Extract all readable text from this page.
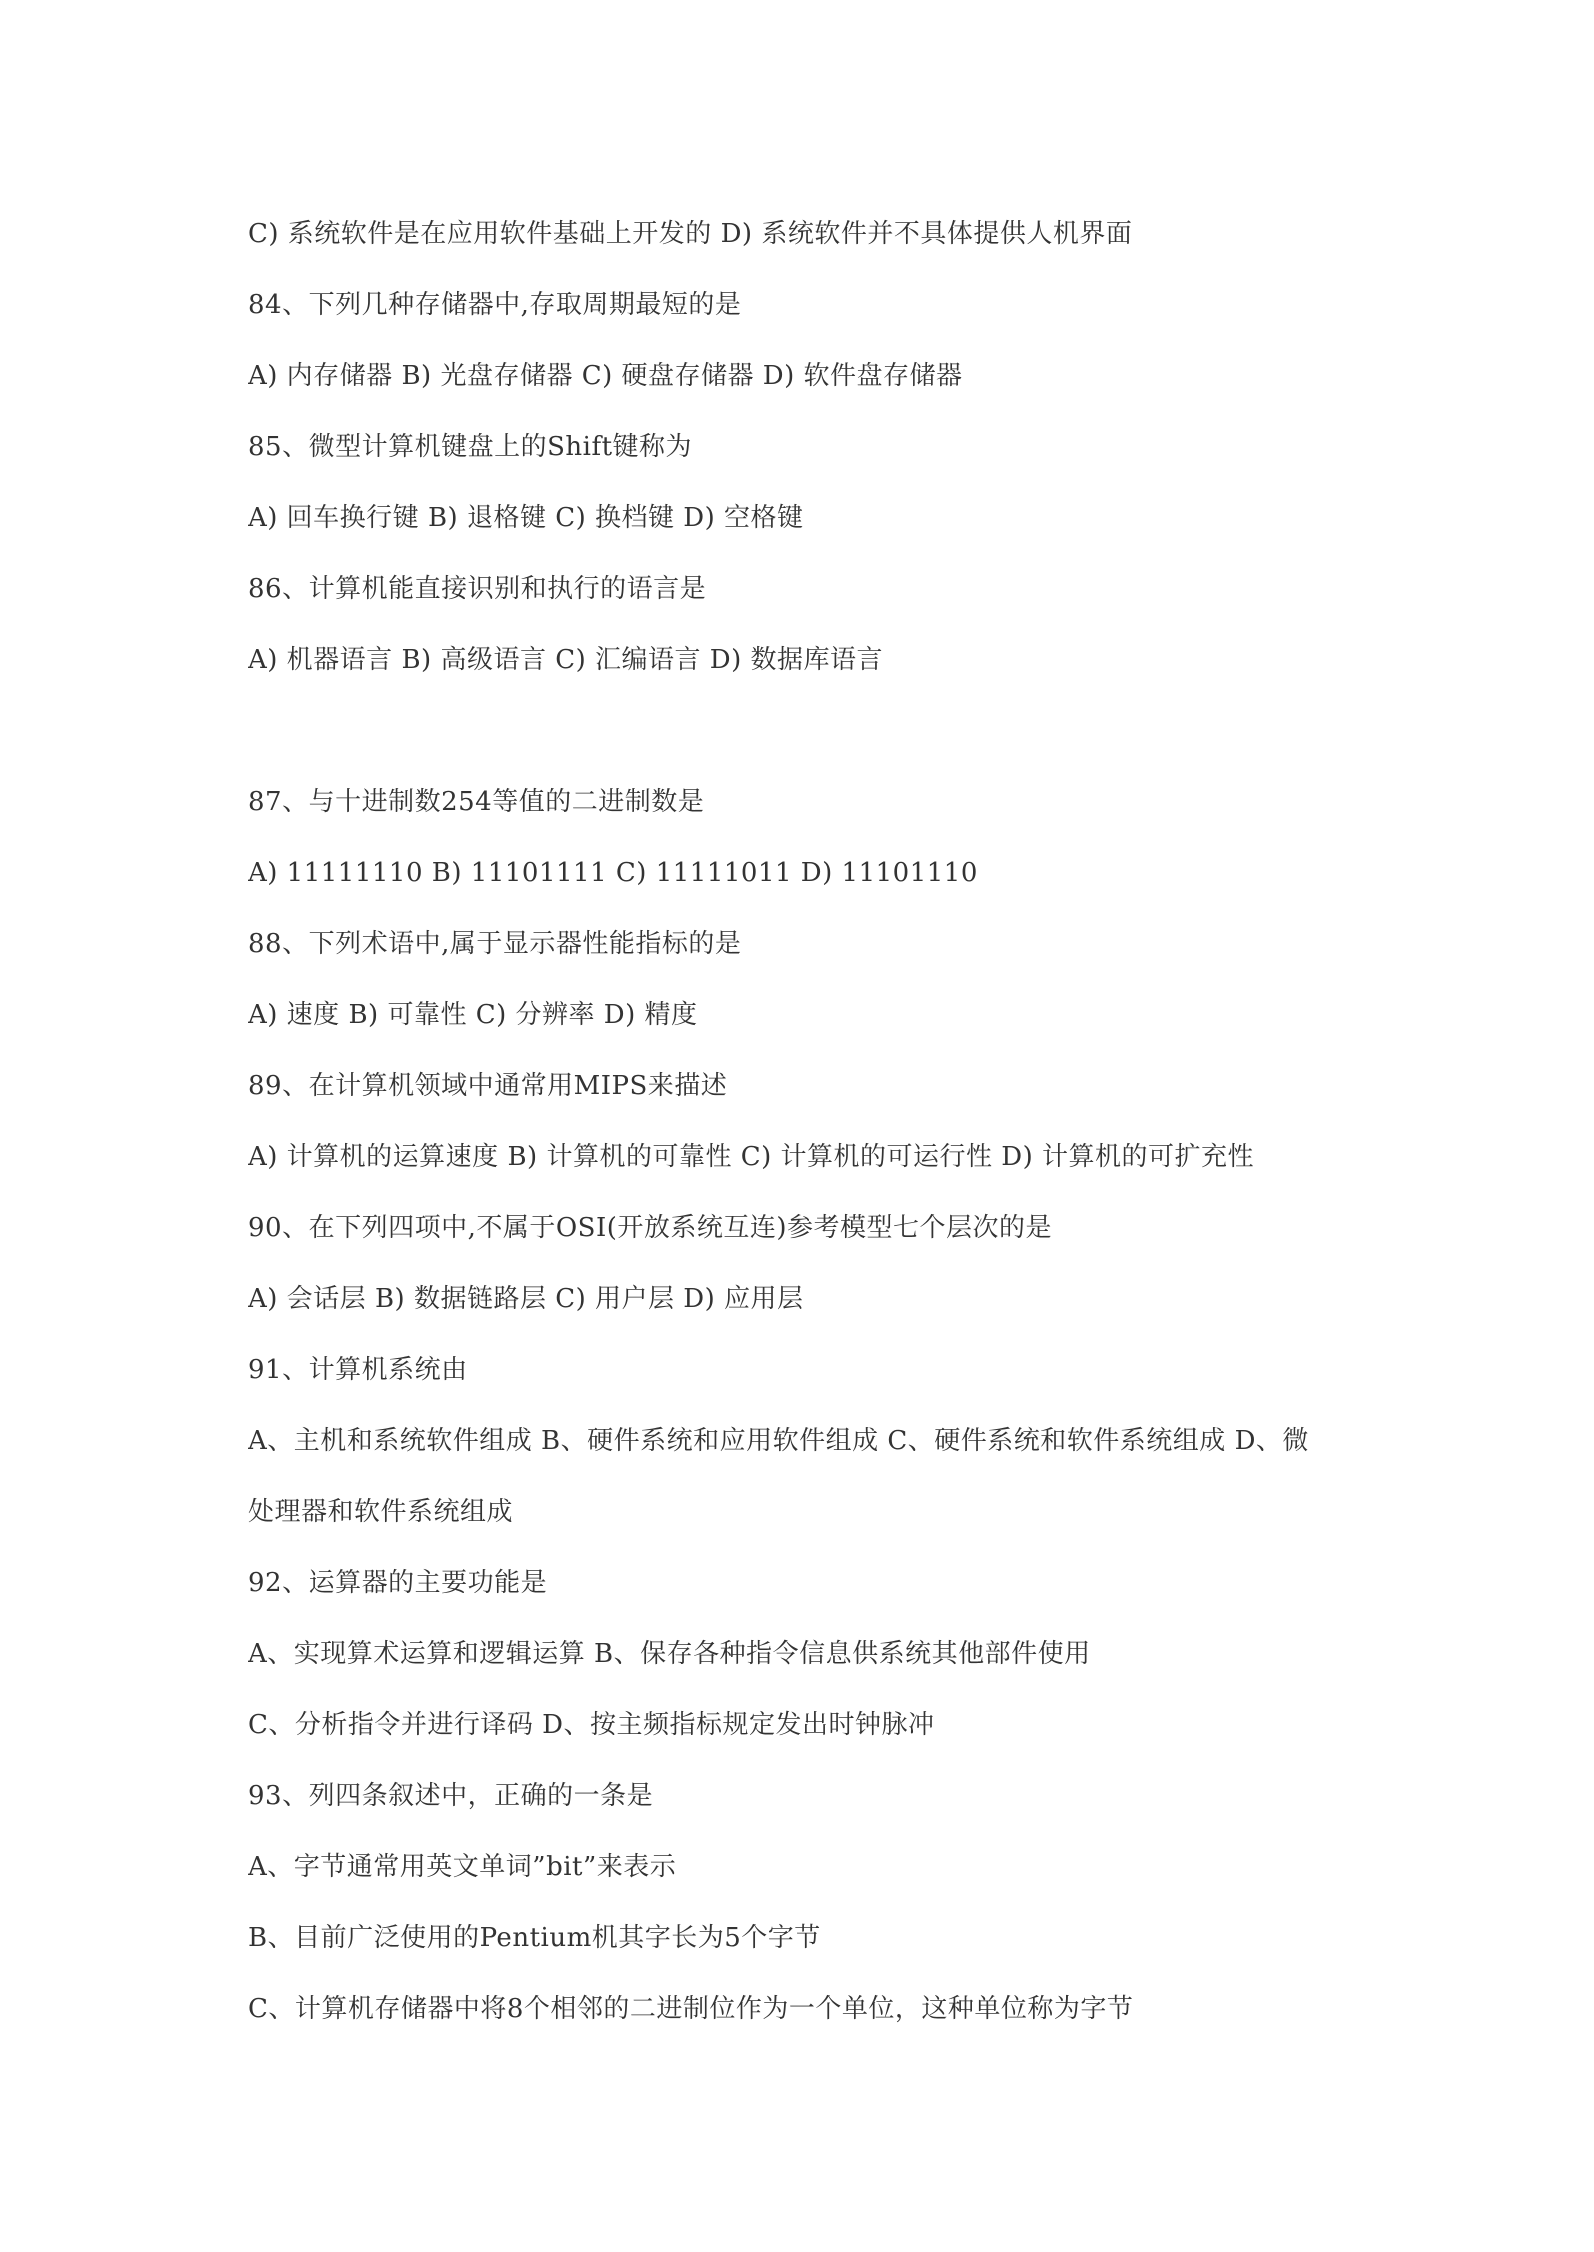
C) 系统软件是在应用软件基础上开发的 D) 系统软件并不具体提供人机界面
84、下列几种存储器中,存取周期最短的是
A) 内存储器 B) 光盘存储器 C) 硬盘存储器 D) 软件盘存储器
85、微型计算机键盘上的Shift键称为
A) 回车换行键 B) 退格键 C) 换档键 D) 空格键
86、计算机能直接识别和执行的语言是
A) 机器语言 B) 高级语言 C) 汇编语言 D) 数据库语言
87、与十进制数254等值的二进制数是
A) 11111110 B) 11101111 C) 11111011 D) 11101110
88、下列术语中,属于显示器性能指标的是
A) 速度 B) 可靠性 C) 分辨率 D) 精度
89、在计算机领域中通常用MIPS来描述
A) 计算机的运算速度 B) 计算机的可靠性 C) 计算机的可运行性 D) 计算机的可扩充性
90、在下列四项中,不属于OSI(开放系统互连)参考模型七个层次的是
A) 会话层 B) 数据链路层 C) 用户层 D) 应用层
91、计算机系统由
A、主机和系统软件组成 B、硬件系统和应用软件组成 C、硬件系统和软件系统组成 D、微
处理器和软件系统组成
92、运算器的主要功能是
A、实现算术运算和逻辑运算 B、保存各种指令信息供系统其他部件使用
C、分析指令并进行译码 D、按主频指标规定发出时钟脉冲
93、列四条叙述中，正确的一条是
A、字节通常用英文单词”bit”来表示
B、目前广泛使用的Pentium机其字长为5个字节
C、计算机存储器中将8个相邻的二进制位作为一个单位，这种单位称为字节
